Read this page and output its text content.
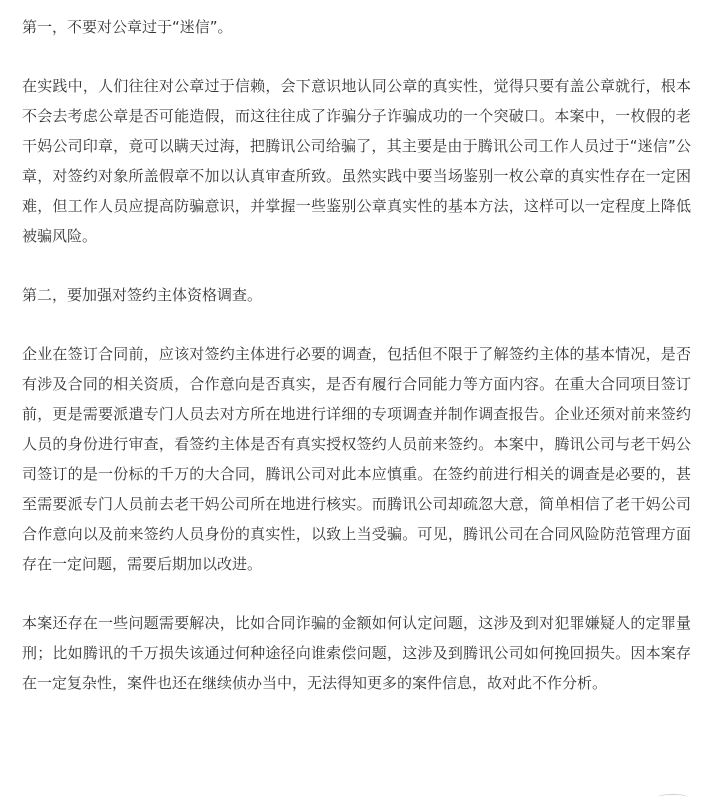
第一，不要对公章过于“迷信”。

在实践中，人们往往对公章过于信赖，会下意识地认同公章的真实性，觉得只要有盖公章就行，根本不会去考虑公章是否可能造假，而这往往成了诈骗分子诈骗成功的一个突破口。本案中，一枚假的老干妈公司印章，竟可以瞒天过海，把腾讯公司给骗了，其主要是由于腾讯公司工作人员过于“迷信”公章，对签约对象所盖假章不加以认真审查所致。虽然实践中要当场鉴别一枚公章的真实性存在一定困难，但工作人员应提高防骗意识，并掌握一些鉴别公章真实性的基本方法，这样可以一定程度上降低被骗风险。

第二，要加强对签约主体资格调查。

企业在签订合同前，应该对签约主体进行必要的调查，包括但不限于了解签约主体的基本情况，是否有涉及合同的相关资质，合作意向是否真实，是否有履行合同能力等方面内容。在重大合同项目签订前，更是需要派遣专门人员去对方所在地进行详细的专项调查并制作调查报告。企业还须对前来签约人员的身份进行审查，看签约主体是否有真实授权签约人员前来签约。本案中，腾讯公司与老干妈公司签订的是一份标的千万的大合同，腾讯公司对此本应慎重。在签约前进行相关的调查是必要的，甚至需要派专门人员前去老干妈公司所在地进行核实。而腾讯公司却疏忽大意，简单相信了老干妈公司合作意向以及前来签约人员身份的真实性，以致上当受骗。可见，腾讯公司在合同风险防范管理方面存在一定问题，需要后期加以改进。

本案还存在一些问题需要解决，比如合同诈骗的金额如何认定问题，这涉及到对犯罪嫌疑人的定罪量刑；比如腾讯的千万损失该通过何种途径向谁索偿问题，这涉及到腾讯公司如何挽回损失。因本案存在一定复杂性，案件也还在继续侦办当中，无法得知更多的案件信息，故对此不作分析。
